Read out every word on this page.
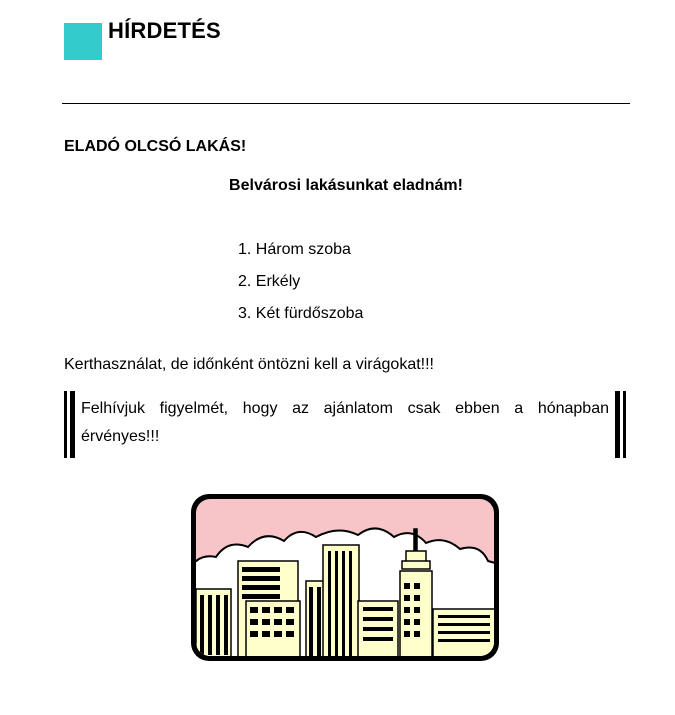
HÍRDETÉS
ELADÓ OLCSÓ LAKÁS!
Belvárosi lakásunkat eladnám!
1. Három szoba
2. Erkély
3. Két fürdőszoba
Kerthasználat, de időnként öntözni kell a virágokat!!!
Felhívjuk figyelmét, hogy az ajánlatom csak ebben a hónapban érvényes!!!
